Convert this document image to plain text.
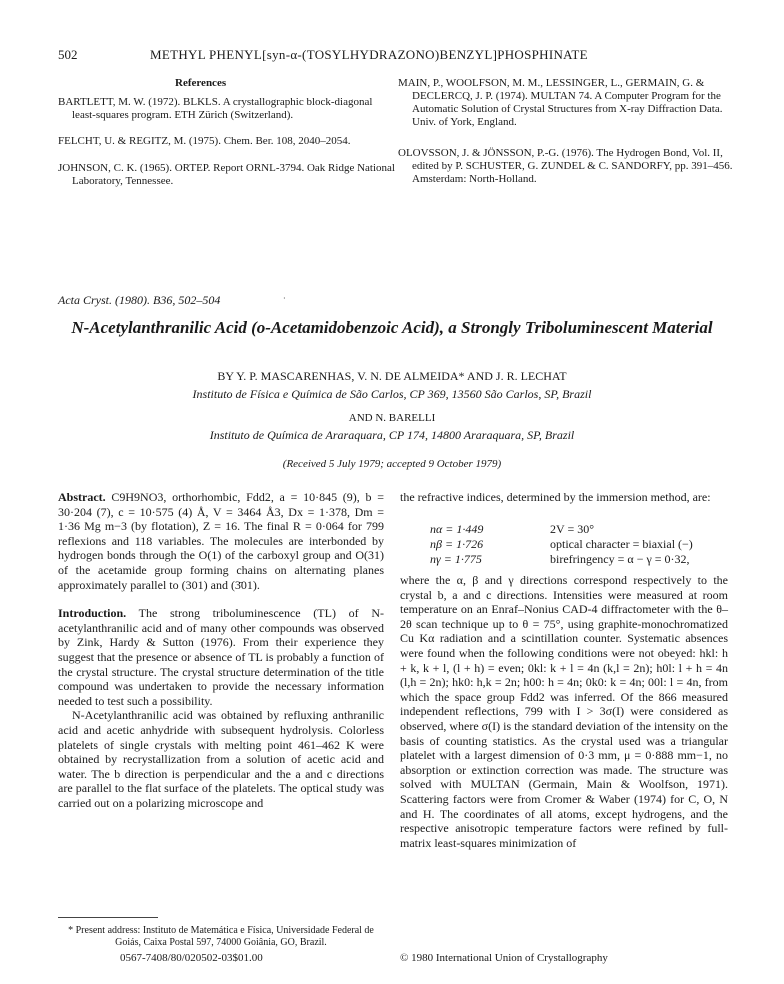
502	METHYL PHENYL[syn-α-(TOSYLHYDRAZONO)BENZYL]PHOSPHINATE
References
BARTLETT, M. W. (1972). BLKLS. A crystallographic block-diagonal least-squares program. ETH Zürich (Switzerland).
FELCHT, U. & REGITZ, M. (1975). Chem. Ber. 108, 2040–2054.
JOHNSON, C. K. (1965). ORTEP. Report ORNL-3794. Oak Ridge National Laboratory, Tennessee.
MAIN, P., WOOLFSON, M. M., LESSINGER, L., GERMAIN, G. & DECLERCQ, J. P. (1974). MULTAN 74. A Computer Program for the Automatic Solution of Crystal Structures from X-ray Diffraction Data. Univ. of York, England.
OLOVSSON, J. & JÖNSSON, P.-G. (1976). The Hydrogen Bond, Vol. II, edited by P. SCHUSTER, G. ZUNDEL & C. SANDORFY, pp. 391–456. Amsterdam: North-Holland.
Acta Cryst. (1980). B36, 502–504	·
N-Acetylanthranilic Acid (o-Acetamidobenzoic Acid), a Strongly Triboluminescent Material
BY Y. P. MASCARENHAS, V. N. DE ALMEIDA* AND J. R. LECHAT
Instituto de Física e Química de São Carlos, CP 369, 13560 São Carlos, SP, Brazil
AND N. BARELLI
Instituto de Química de Araraquara, CP 174, 14800 Araraquara, SP, Brazil
(Received 5 July 1979; accepted 9 October 1979)

Abstract. C9H9NO3, orthorhombic, Fdd2, a = 10·845 (9), b = 30·204 (7), c = 10·575 (4) Å, V = 3464 Å3, Dx = 1·378, Dm = 1·36 Mg m−3 (by flotation), Z = 16. The final R = 0·064 for 799 reflexions and 118 variables. The molecules are interbonded by hydrogen bonds through the O(1) of the carboxyl group and O(31) of the acetamide group forming chains on alternating planes approximately parallel to (301) and (3̄01).

Introduction. The strong triboluminescence (TL) of N-acetylanthranilic acid and of many other compounds was observed by Zink, Hardy & Sutton (1976). From their experience they suggest that the presence or absence of TL is probably a function of the crystal structure. The crystal structure determination of the title compound was undertaken to provide the necessary information needed to test such a possibility.

N-Acetylanthranilic acid was obtained by refluxing anthranilic acid and acetic anhydride with subsequent hydrolysis. Colorless platelets of single crystals with melting point 461–462 K were obtained by recrystallization from a solution of acetic acid and water. The b direction is perpendicular and the a and c directions are parallel to the flat surface of the platelets. The optical study was carried out on a polarizing microscope and

the refractive indices, determined by the immersion method, are:
nα = 1·449	2V = 30°
nβ = 1·726	optical character = biaxial (−)
nγ = 1·775	birefringency = α − γ = 0·32,
where the α, β and γ directions correspond respectively to the crystal b, a and c directions. Intensities were measured at room temperature on an Enraf–Nonius CAD-4 diffractometer with the θ–2θ scan technique up to θ = 75°, using graphite-monochromatized Cu Kα radiation and a scintillation counter. Systematic absences were found when the following conditions were not obeyed: hkl: h + k, k + l, (l + h) = even; 0kl: k + l = 4n (k,l = 2n); h0l: l + h = 4n (l,h = 2n); hk0: h,k = 2n; h00: h = 4n; 0k0: k = 4n; 00l: l = 4n, from which the space group Fdd2 was inferred. Of the 866 measured independent reflections, 799 with I > 3σ(I) were considered as observed, where σ(I) is the standard deviation of the intensity on the basis of counting statistics. As the crystal used was a triangular platelet with a largest dimension of 0·3 mm, μ = 0·888 mm−1, no absorption or extinction correction was made. The structure was solved with MULTAN (Germain, Main & Woolfson, 1971). Scattering factors were from Cromer & Waber (1974) for C, O, N and H. The coordinates of all atoms, except hydrogens, and the respective anisotropic temperature factors were refined by full-matrix least-squares minimization of
* Present address: Instituto de Matemática e Física, Universidade Federal de Goiás, Caixa Postal 597, 74000 Goiânia, GO, Brazil.
0567-7408/80/020502-03$01.00	© 1980 International Union of Crystallography
